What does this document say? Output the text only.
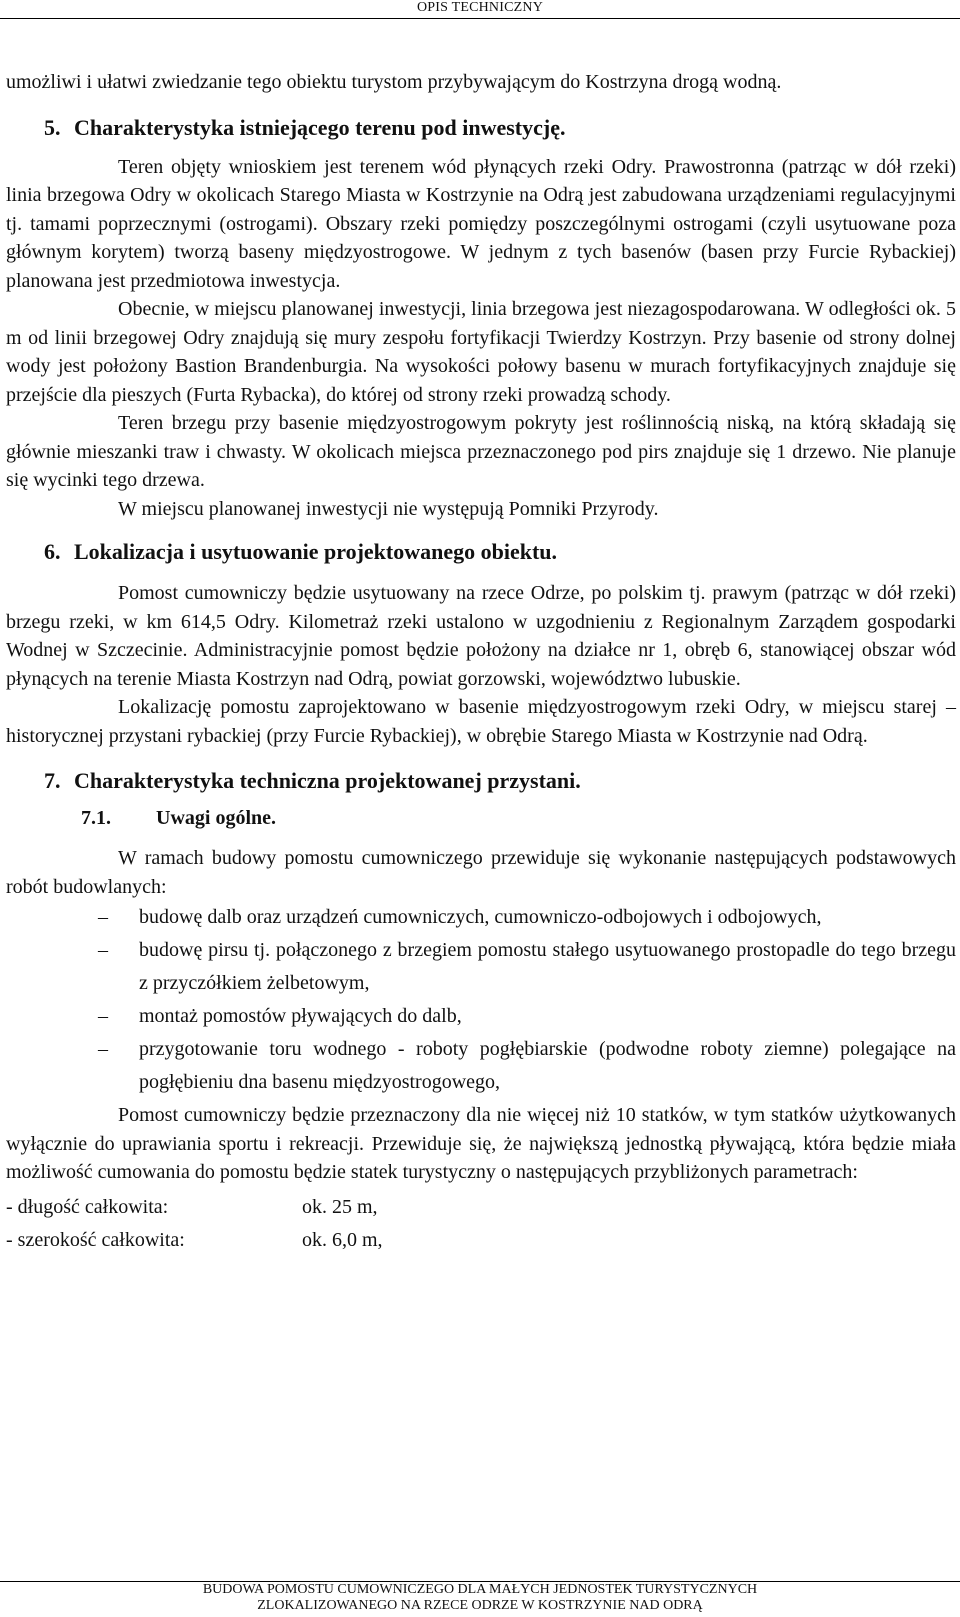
OPIS TECHNICZNY

umożliwi i ułatwi zwiedzanie tego obiektu turystom przybywającym do Kostrzyna drogą wodną.

5. Charakterystyka istniejącego terenu pod inwestycję.

Teren objęty wnioskiem jest terenem wód płynących rzeki Odry. Prawostronna (patrząc w dół rzeki) linia brzegowa Odry w okolicach Starego Miasta w Kostrzynie na Odrą jest zabudowana urządzeniami regulacyjnymi tj. tamami poprzecznymi (ostrogami). Obszary rzeki pomiędzy poszczególnymi ostrogami (czyli usytuowane poza głównym korytem) tworzą baseny międzyostrogowe. W jednym z tych basenów (basen przy Furcie Rybackiej) planowana jest przedmiotowa inwestycja.

Obecnie, w miejscu planowanej inwestycji, linia brzegowa jest niezagospodarowana. W odległości ok. 5 m od linii brzegowej Odry znajdują się mury zespołu fortyfikacji Twierdzy Kostrzyn. Przy basenie od strony dolnej wody jest położony Bastion Brandenburgia. Na wysokości połowy basenu w murach fortyfikacyjnych znajduje się przejście dla pieszych (Furta Rybacka), do której od strony rzeki prowadzą schody.

Teren brzegu przy basenie międzyostrogowym pokryty jest roślinnością niską, na którą składają się głównie mieszanki traw i chwasty. W okolicach miejsca przeznaczonego pod pirs znajduje się 1 drzewo. Nie planuje się wycinki tego drzewa.

W miejscu planowanej inwestycji nie występują Pomniki Przyrody.

6. Lokalizacja i usytuowanie projektowanego obiektu.

Pomost cumowniczy będzie usytuowany na rzece Odrze, po polskim tj. prawym (patrząc w dół rzeki) brzegu rzeki, w km 614,5 Odry. Kilometraż rzeki ustalono w uzgodnieniu z Regionalnym Zarządem gospodarki Wodnej w Szczecinie. Administracyjnie pomost będzie położony na działce nr 1, obręb 6, stanowiącej obszar wód płynących na terenie Miasta Kostrzyn nad Odrą, powiat gorzowski, województwo lubuskie.

Lokalizację pomostu zaprojektowano w basenie międzyostrogowym rzeki Odry, w miejscu starej – historycznej przystani rybackiej (przy Furcie Rybackiej), w obrębie Starego Miasta w Kostrzynie nad Odrą.

7. Charakterystyka techniczna projektowanej przystani.
7.1. Uwagi ogólne.

W ramach budowy pomostu cumowniczego przewiduje się wykonanie następujących podstawowych robót budowlanych:

–	budowę dalb oraz urządzeń cumowniczych, cumowniczo-odbojowych i odbojowych,
–	budowę pirsu tj. połączonego z brzegiem pomostu stałego usytuowanego prostopadle do tego brzegu z przyczółkiem żelbetowym,
–	montaż pomostów pływających do dalb,
–	przygotowanie toru wodnego - roboty pogłębiarskie (podwodne roboty ziemne) polegające na pogłębieniu dna basenu międzyostrogowego,

Pomost cumowniczy będzie przeznaczony dla nie więcej niż 10 statków, w tym statków użytkowanych wyłącznie do uprawiania sportu i rekreacji. Przewiduje się, że największą jednostką pływającą, która będzie miała możliwość cumowania do pomostu będzie statek turystyczny o następujących przybliżonych parametrach:

- długość całkowita:	ok. 25 m,
- szerokość całkowita:	ok. 6,0 m,
BUDOWA POMOSTU CUMOWNICZEGO DLA MAŁYCH JEDNOSTEK TURYSTYCZNYCH
ZLOKALIZOWANEGO NA RZECE ODRZE W KOSTRZYNIE NAD ODRĄ
